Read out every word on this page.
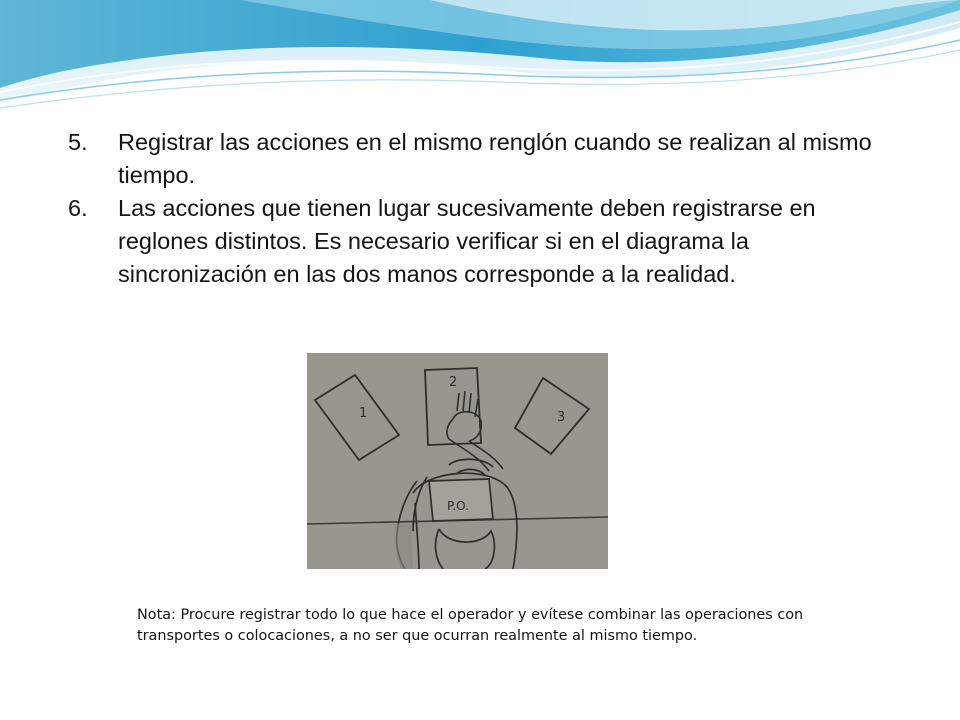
5.	Registrar las acciones en el mismo renglón cuando se realizan al mismo tiempo.
6.	Las acciones que tienen lugar sucesivamente deben registrarse en reglones distintos. Es necesario verificar si en el diagrama la sincronización en las dos manos corresponde a la realidad.
1
2
3
P.O.
Nota: Procure registrar todo lo que hace el operador y evítese combinar las operaciones con transportes o colocaciones, a no ser que ocurran realmente al mismo tiempo.
